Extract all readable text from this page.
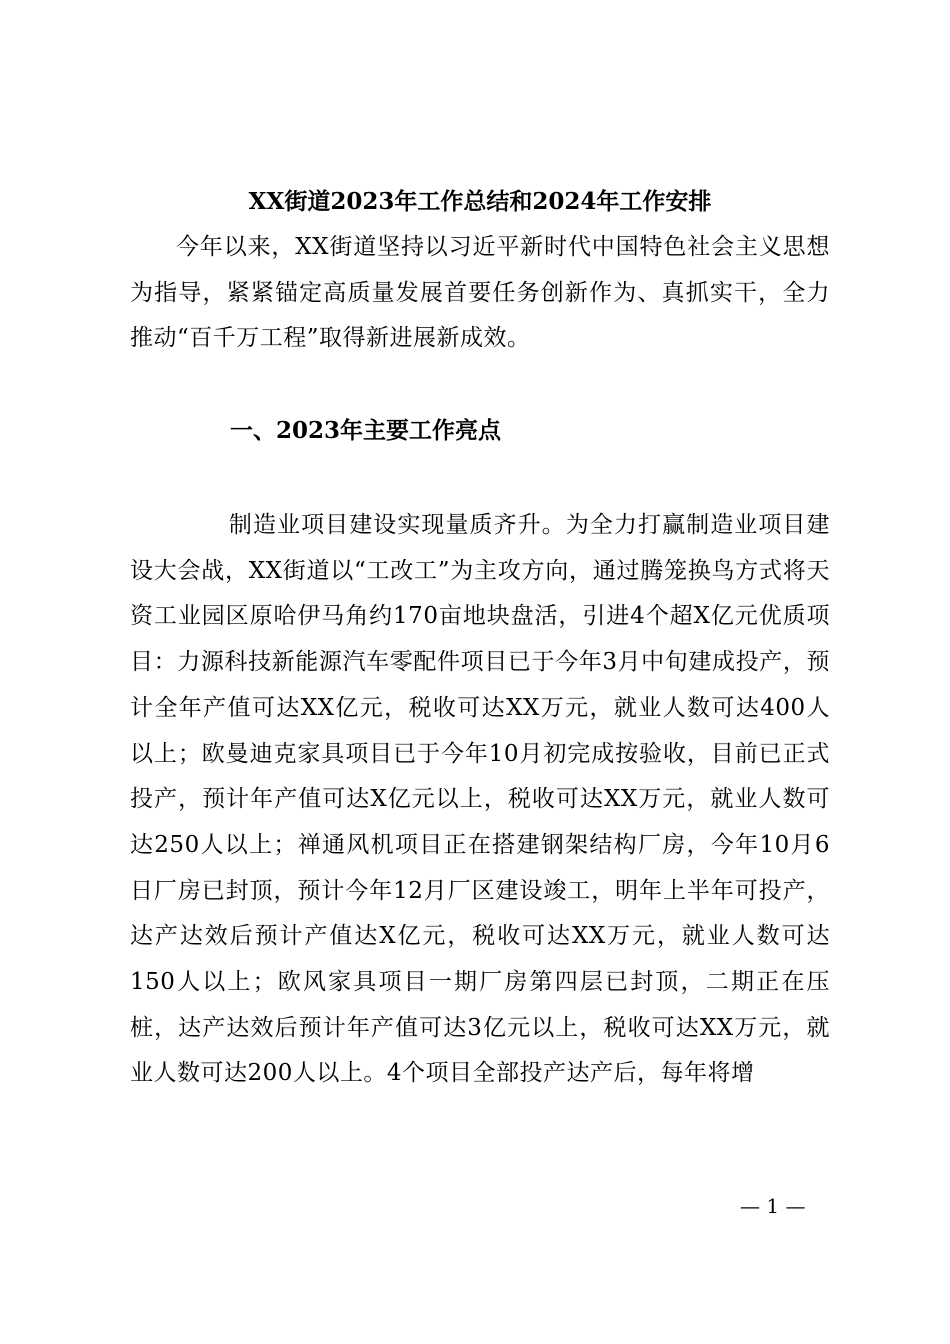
XX街道2023年工作总结和2024年工作安排
今年以来，XX街道坚持以习近平新时代中国特色社会主义思想为指导，紧紧锚定高质量发展首要任务创新作为、真抓实干，全力推动“百千万工程”取得新进展新成效。
一、2023年主要工作亮点
制造业项目建设实现量质齐升。为全力打赢制造业项目建设大会战，XX街道以“工改工”为主攻方向，通过腾笼换鸟方式将天资工业园区原哈伊马角约170亩地块盘活，引进4个超X亿元优质项目：力源科技新能源汽车零配件项目已于今年3月中旬建成投产，预计全年产值可达XX亿元，税收可达XX万元，就业人数可达400人以上；欧曼迪克家具项目已于今年10月初完成按验收，目前已正式投产，预计年产值可达X亿元以上，税收可达XX万元，就业人数可达250人以上；禅通风机项目正在搭建钢架结构厂房，今年10月6日厂房已封顶，预计今年12月厂区建设竣工，明年上半年可投产，达产达效后预计产值达X亿元，税收可达XX万元，就业人数可达150人以上；欧风家具项目一期厂房第四层已封顶，二期正在压桩，达产达效后预计年产值可达3亿元以上，税收可达XX万元，就业人数可达200人以上。4个项目全部投产达产后，每年将增
— 1 —
